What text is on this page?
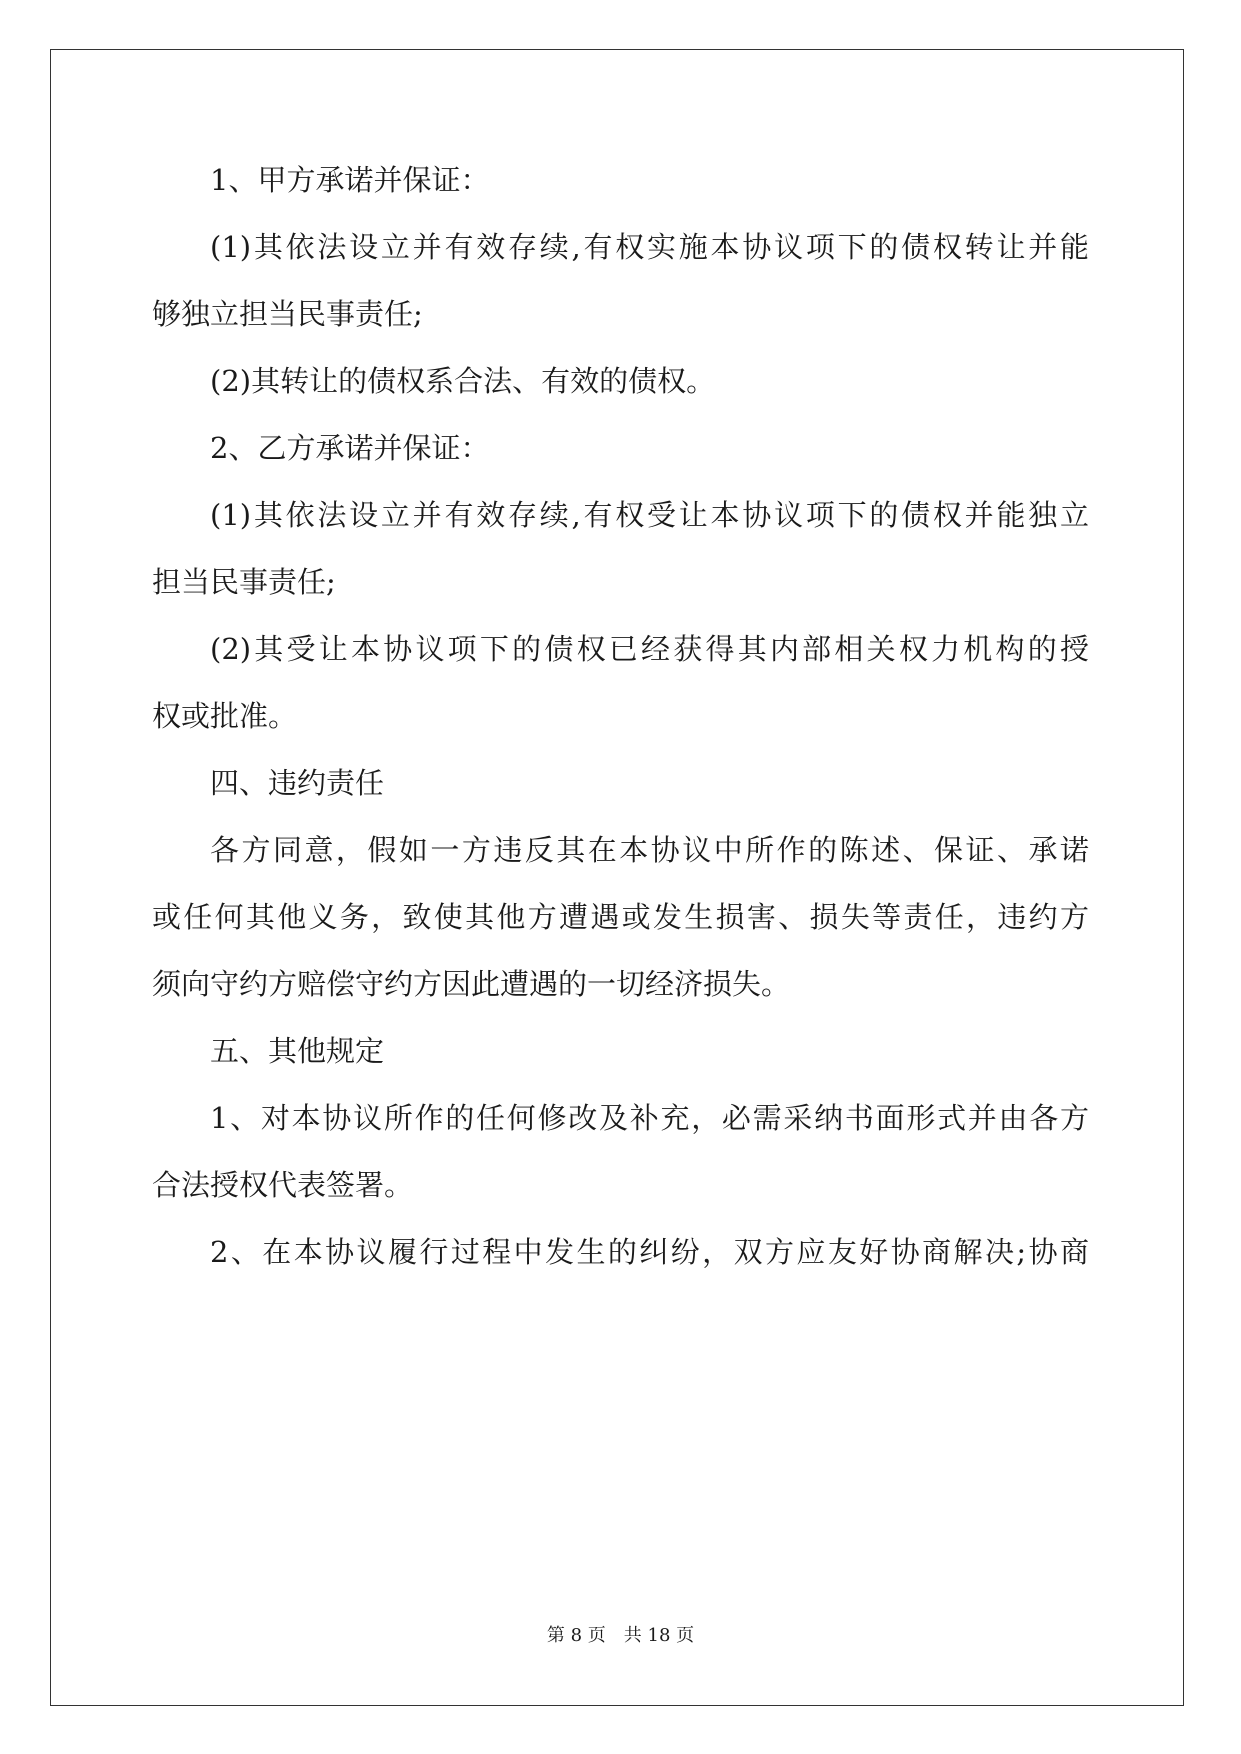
1、甲方承诺并保证：
(1)其依法设立并有效存续,有权实施本协议项下的债权转让并能
够独立担当民事责任;
(2)其转让的债权系合法、有效的债权。
2、乙方承诺并保证：
(1)其依法设立并有效存续,有权受让本协议项下的债权并能独立
担当民事责任;
(2)其受让本协议项下的债权已经获得其内部相关权力机构的授
权或批准。
四、违约责任
各方同意，假如一方违反其在本协议中所作的陈述、保证、承诺
或任何其他义务，致使其他方遭遇或发生损害、损失等责任，违约方
须向守约方赔偿守约方因此遭遇的一切经济损失。
五、其他规定
1、对本协议所作的任何修改及补充，必需采纳书面形式并由各方
合法授权代表签署。
2、在本协议履行过程中发生的纠纷，双方应友好协商解决;协商
第 8 页　共 18 页
